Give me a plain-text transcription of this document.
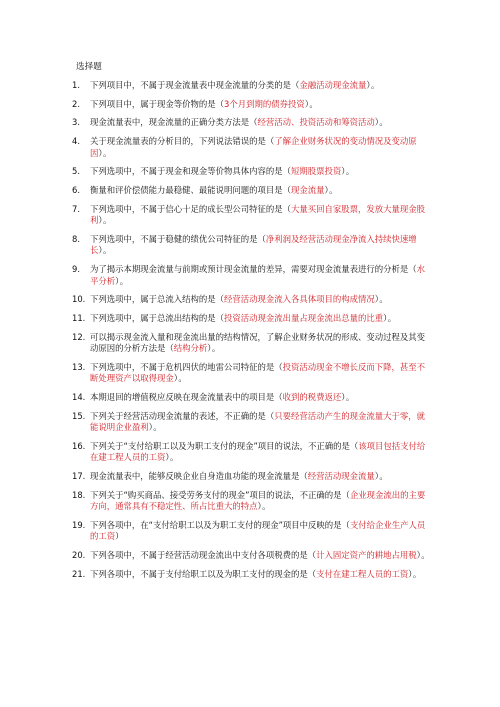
选择题
1. 下列项目中，不属于现金流量表中现金流量的分类的是（金融活动现金流量）。
2. 下列项目中，属于现金等价物的是（3个月到期的债券投资）。
3. 现金流量表中，现金流量的正确分类方法是（经营活动、投资活动和筹资活动）。
4. 关于现金流量表的分析目的，下列说法错误的是（了解企业财务状况的变动情况及变动原因）。
5. 下列选项中，不属于现金和现金等价物具体内容的是（短期股票投资）。
6. 衡量和评价偿债能力最稳健、最能说明问题的项目是（现金流量）。
7. 下列选项中，不属于信心十足的成长型公司特征的是（大量买回自家股票，发放大量现金股利）。
8. 下列选项中，不属于稳健的绩优公司特征的是（净利润及经营活动现金净流入持续快速增长）。
9. 为了揭示本期现金流量与前期或预计现金流量的差异，需要对现金流量表进行的分析是（水平分析）。
10. 下列选项中，属于总流入结构的是（经营活动现金流入各具体项目的构成情况）。
11. 下列选项中，属于总流出结构的是（投资活动现金流出量占现金流出总量的比重）。
12. 可以揭示现金流入量和现金流出量的结构情况，了解企业财务状况的形成、变动过程及其变动原因的分析方法是（结构分析）。
13. 下列选项中，不属于危机四伏的地雷公司特征的是（投资活动现金不增长反而下降，甚至不断处理资产以取得现金）。
14. 本期退回的增值税应反映在现金流量表中的项目是（收到的税费返还）。
15. 下列关于经营活动现金流量的表述，不正确的是（只要经营活动产生的现金流量大于零，就能说明企业盈利）。
16. 下列关于“支付给职工以及为职工支付的现金”项目的说法，不正确的是（该项目包括支付给在建工程人员的工资）。
17. 现金流量表中，能够反映企业自身造血功能的现金流量是（经营活动现金流量）。
18. 下列关于“购买商品、接受劳务支付的现金”项目的说法，不正确的是（企业现金流出的主要方向，通常具有不稳定性、所占比重大的特点）。
19. 下列各项中，在“支付给职工以及为职工支付的现金”项目中反映的是（支付给企业生产人员的工资）
20. 下列各项中，不属于经营活动现金流出中支付各项税费的是（计入固定资产的耕地占用税）。
21. 下列各项中，不属于支付给职工以及为职工支付的现金的是（支付在建工程人员的工资）。
